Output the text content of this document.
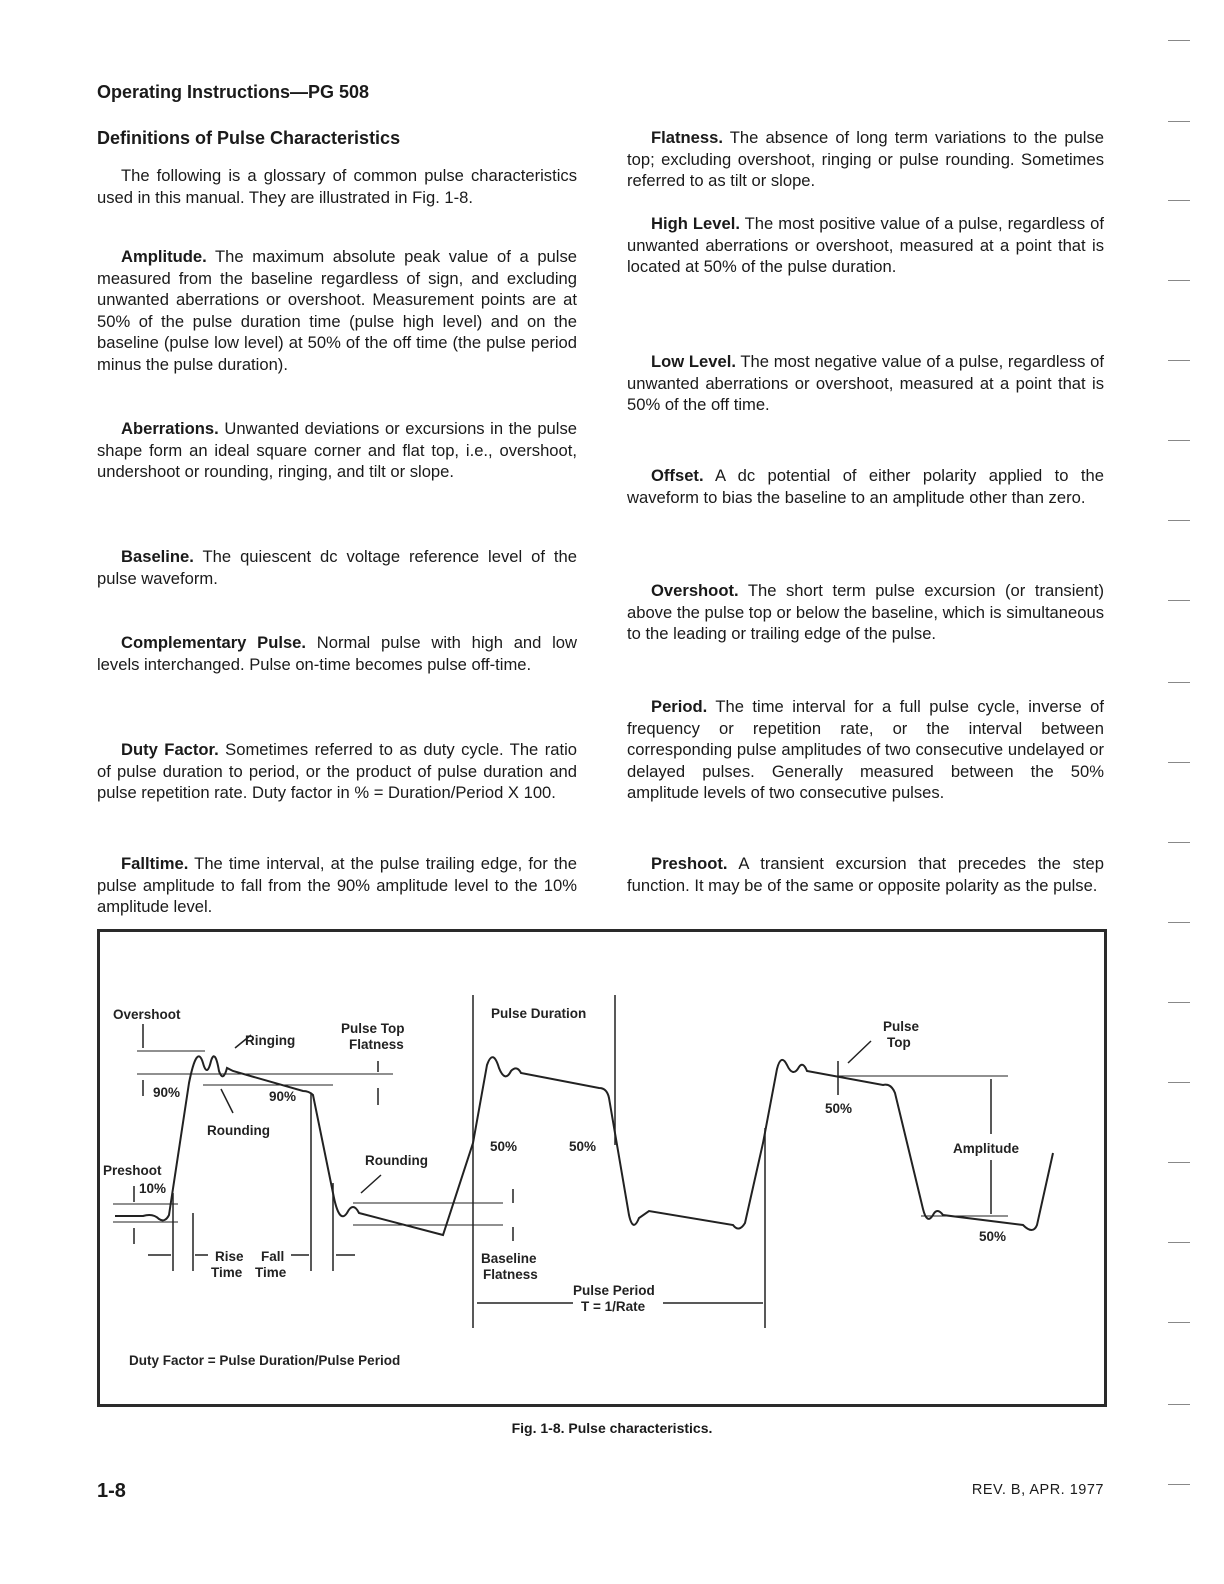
Operating Instructions—PG 508
Definitions of Pulse Characteristics

The following is a glossary of common pulse characteristics used in this manual. They are illustrated in Fig. 1-8.

Amplitude. The maximum absolute peak value of a pulse measured from the baseline regardless of sign, and excluding unwanted aberrations or overshoot. Measurement points are at 50% of the pulse duration time (pulse high level) and on the baseline (pulse low level) at 50% of the off time (the pulse period minus the pulse duration).

Aberrations. Unwanted deviations or excursions in the pulse shape form an ideal square corner and flat top, i.e., overshoot, undershoot or rounding, ringing, and tilt or slope.

Baseline. The quiescent dc voltage reference level of the pulse waveform.

Complementary Pulse. Normal pulse with high and low levels interchanged. Pulse on-time becomes pulse off-time.

Duty Factor. Sometimes referred to as duty cycle. The ratio of pulse duration to period, or the product of pulse duration and pulse repetition rate. Duty factor in % = Duration/Period X 100.

Falltime. The time interval, at the pulse trailing edge, for the pulse amplitude to fall from the 90% amplitude level to the 10% amplitude level.

Flatness. The absence of long term variations to the pulse top; excluding overshoot, ringing or pulse rounding. Sometimes referred to as tilt or slope.

High Level. The most positive value of a pulse, regardless of unwanted aberrations or overshoot, measured at a point that is located at 50% of the pulse duration.

Low Level. The most negative value of a pulse, regardless of unwanted aberrations or overshoot, measured at a point that is 50% of the off time.

Offset. A dc potential of either polarity applied to the waveform to bias the baseline to an amplitude other than zero.

Overshoot. The short term pulse excursion (or transient) above the pulse top or below the baseline, which is simultaneous to the leading or trailing edge of the pulse.

Period. The time interval for a full pulse cycle, inverse of frequency or repetition rate, or the interval between corresponding pulse amplitudes of two consecutive undelayed or delayed pulses. Generally measured between the 50% amplitude levels of two consecutive pulses.

Preshoot. A transient excursion that precedes the step function. It may be of the same or opposite polarity as the pulse.

Overshoot
Ringing
Pulse Top
Flatness
90%	90%
Rounding
Rounding
Preshoot
10%
Rise
Time
Fall
Time
Pulse Duration
50%	50%
50%
50%
Baseline
Flatness
Pulse Period
T = 1/Rate
Pulse
Top
Amplitude
Duty Factor = Pulse Duration/Pulse Period
Fig. 1-8. Pulse characteristics.
1-8	REV. B, APR. 1977
